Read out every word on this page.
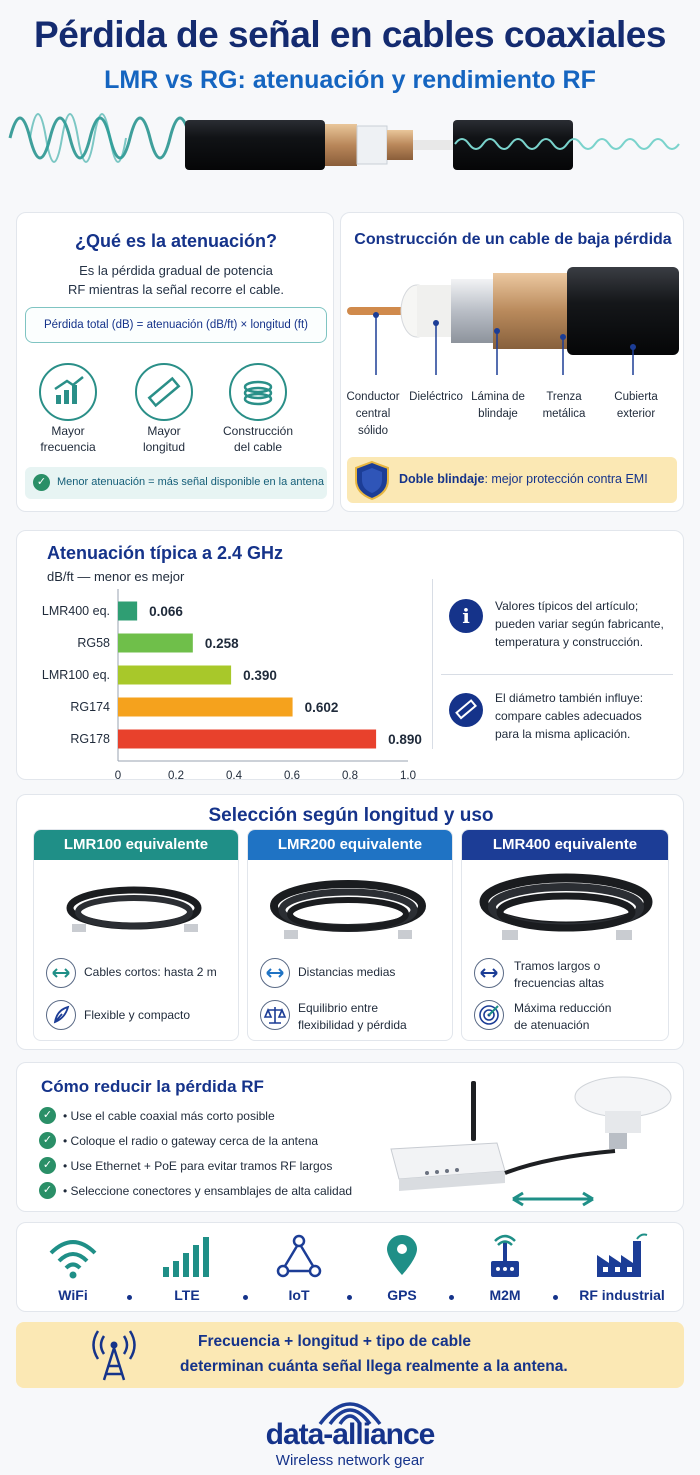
Pérdida de señal en cables coaxiales
LMR vs RG: atenuación y rendimiento RF
¿Qué es la atenuación?
Es la pérdida gradual de potencia
RF mientras la señal recorre el cable.
Pérdida total (dB) = atenuación (dB/ft) × longitud (ft)
Mayor
frecuencia
Mayor
longitud
Construcción
del cable
✓ Menor atenuación = más señal disponible en la antena
Construcción de un cable de baja pérdida
Conductor
central
sólido
Dieléctrico Lámina de
blindaje
Trenza
metálica
Cubierta
exterior
Doble blindaje: mejor protección contra EMI
Atenuación típica a 2.4 GHz
dB/ft — menor es mejor
LMR400 eq.	0.066
RG58	0.258
LMR100 eq.	0.390
RG174	0.602
RG178	0.890
0	0.2	0.4	0.6	0.8	1.0
i	Valores típicos del artículo;
pueden variar según fabricante,
temperatura y construcción.
El diámetro también influye:
compare cables adecuados
para la misma aplicación.
Selección según longitud y uso
LMR100 equivalente
Cables cortos: hasta 2 m
Flexible y compacto
LMR200 equivalente
Distancias medias
Equilibrio entre
flexibilidad y pérdida
LMR400 equivalente
Tramos largos o
frecuencias altas
Máxima reducción
de atenuación
Cómo reducir la pérdida RF
✓ • Use el cable coaxial más corto posible
✓ • Coloque el radio o gateway cerca de la antena
✓ • Use Ethernet + PoE para evitar tramos RF largos
✓ • Seleccione conectores y ensamblajes de alta calidad
WiFi	LTE	IoT	GPS	M2M	RF industrial
Frecuencia + longitud + tipo de cable
determinan cuánta señal llega realmente a la antena.
data-alliance
Wireless network gear
